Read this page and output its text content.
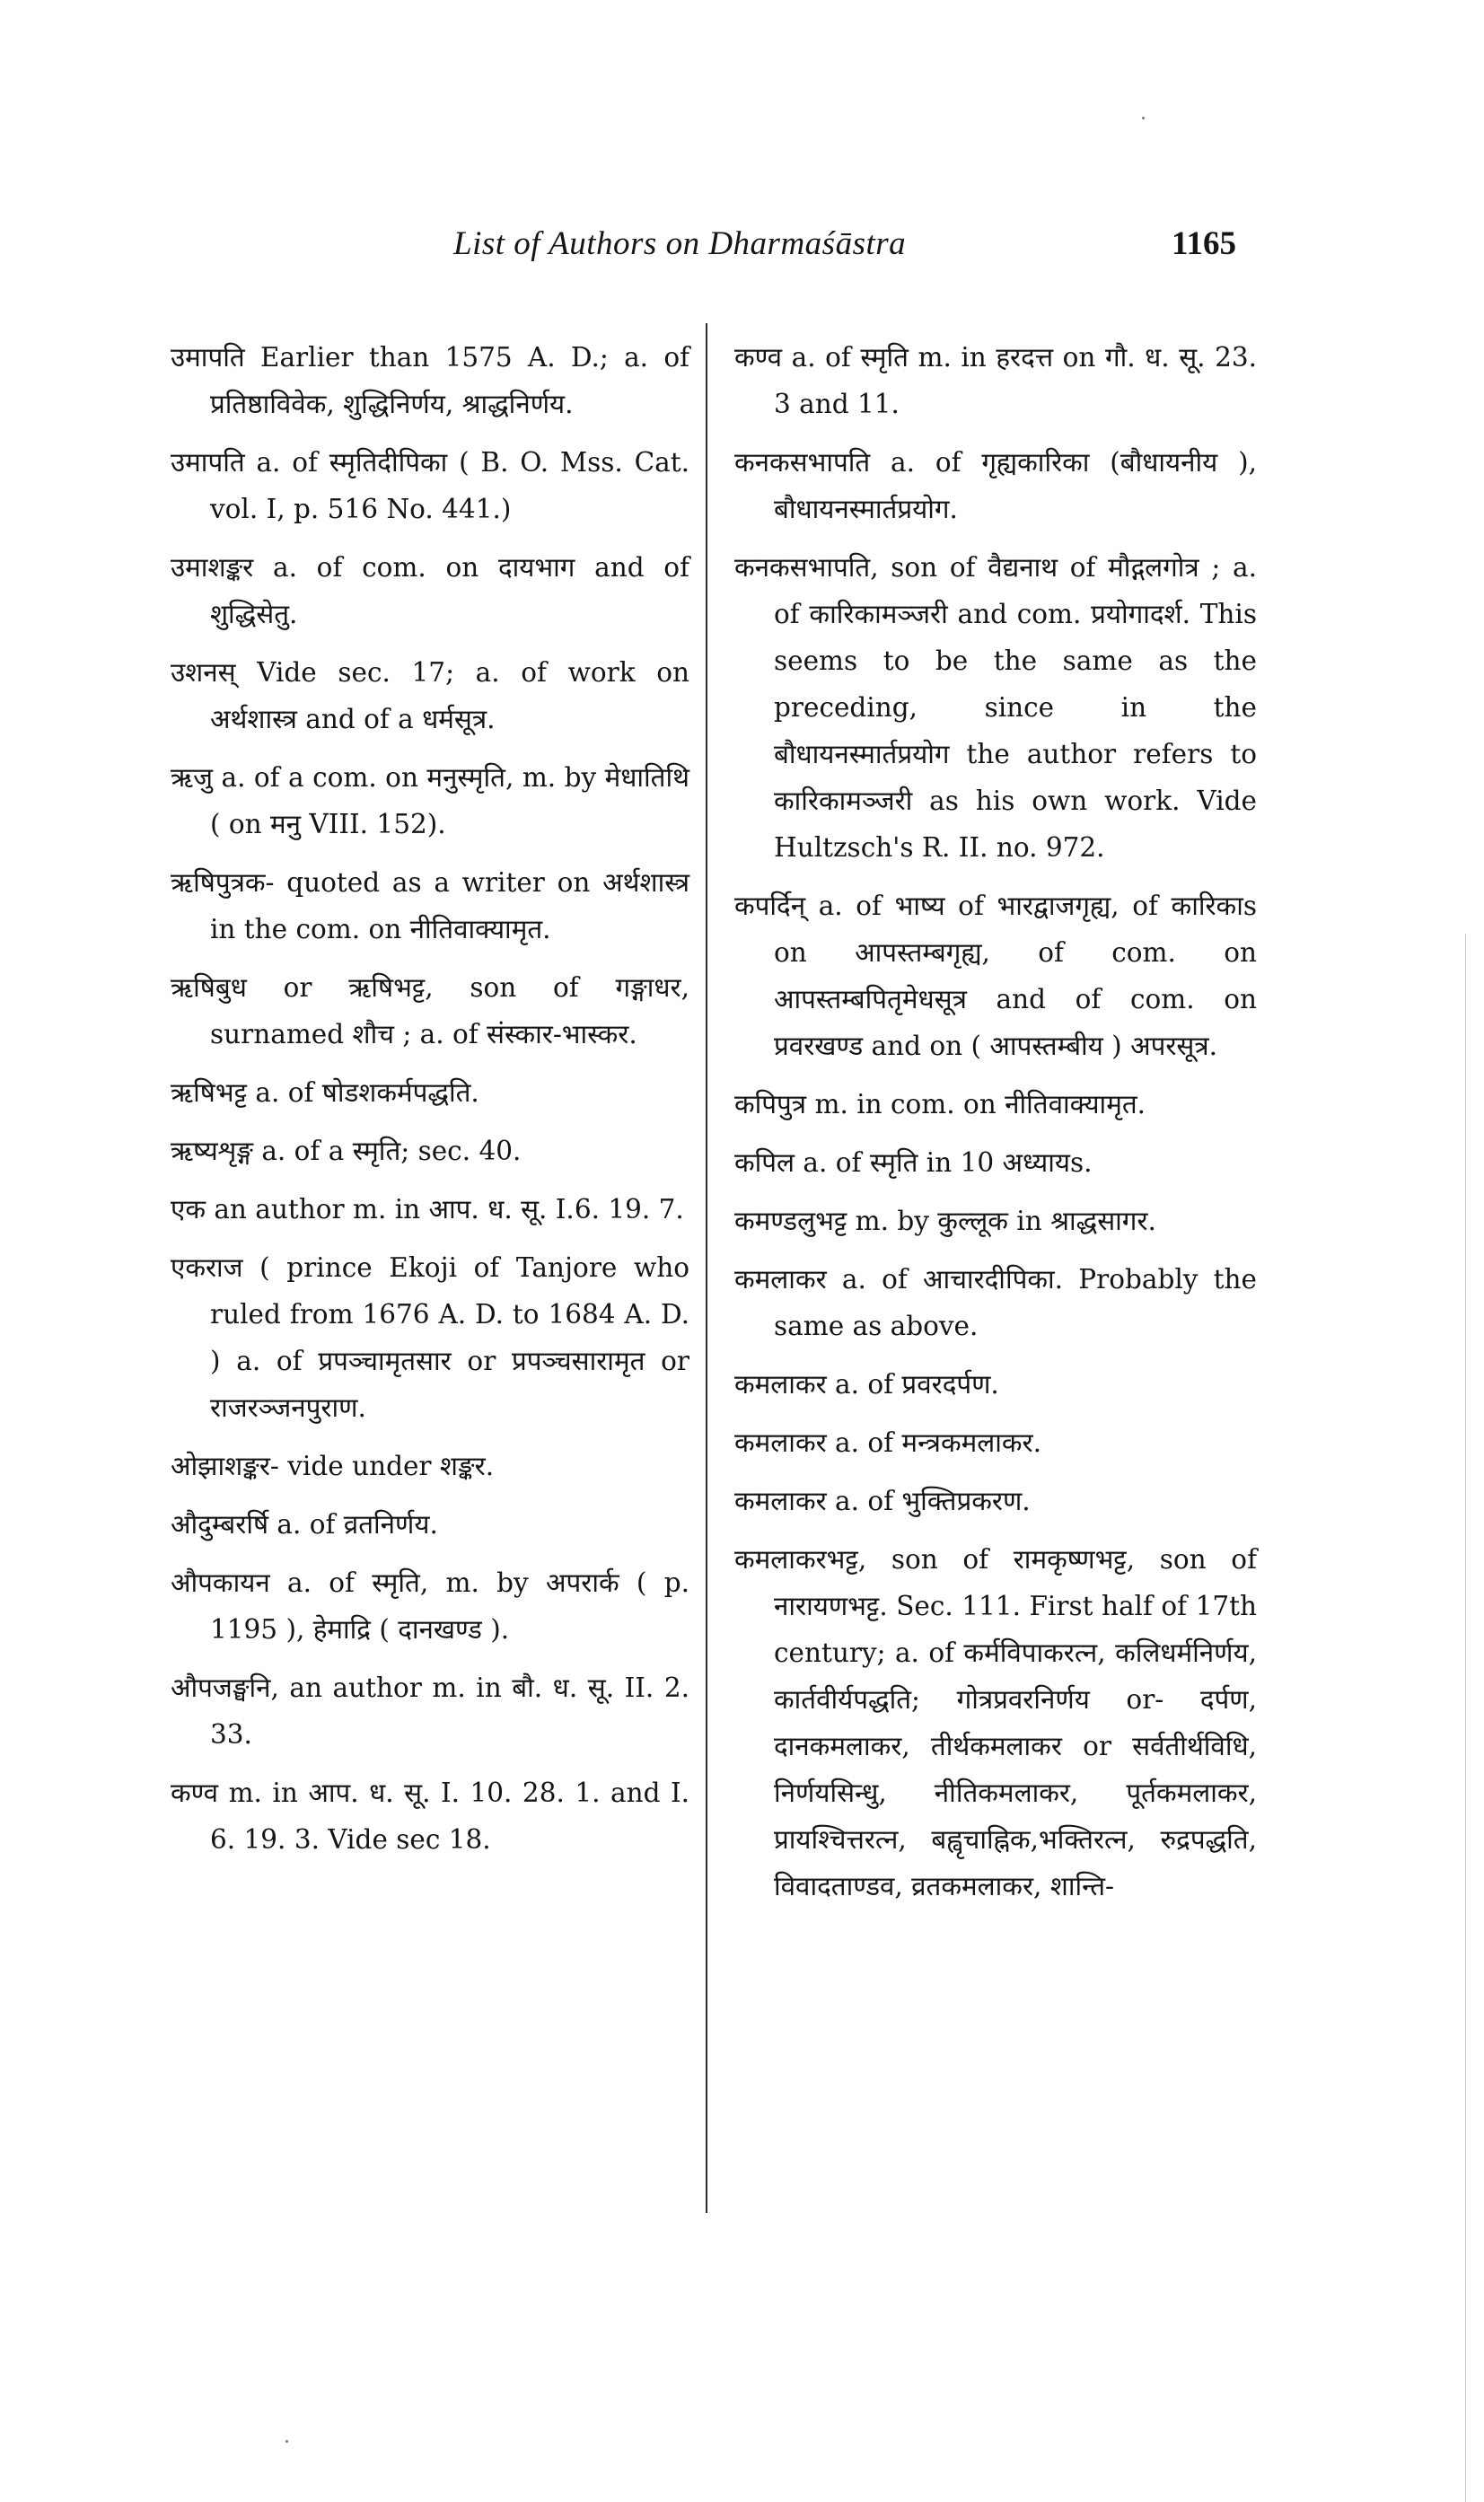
List of Authors on Dharmaśāstra	1165

उमापति Earlier than 1575 A. D.; a. of प्रतिष्ठाविवेक, शुद्धिनिर्णय, श्राद्धनिर्णय.

उमापति a. of स्मृतिदीपिका ( B. O. Mss. Cat. vol. I, p. 516 No. 441.)

उमाशङ्कर a. of com. on दायभाग and of शुद्धिसेतु.

उशनस् Vide sec. 17; a. of work on अर्थशास्त्र and of a धर्मसूत्र.

ऋजु a. of a com. on मनुस्मृति, m. by मेधातिथि ( on मनु VIII. 152).

ऋषिपुत्रक- quoted as a writer on अर्थशास्त्र in the com. on नीतिवाक्यामृत.

ऋषिबुध or ऋषिभट्ट, son of गङ्गाधर, surnamed शौच ; a. of संस्कार-भास्कर.

ऋषिभट्ट a. of षोडशकर्मपद्धति.

ऋष्यशृङ्ग a. of a स्मृति; sec. 40.

एक an author m. in आप. ध. सू. I.6. 19. 7.

एकराज ( prince Ekoji of Tanjore who ruled from 1676 A. D. to 1684 A. D. ) a. of प्रपञ्चामृतसार or प्रपञ्चसारामृत or राजरञ्जनपुराण.

ओझाशङ्कर- vide under शङ्कर.

औदुम्बरर्षि a. of व्रतनिर्णय.

औपकायन a. of स्मृति, m. by अपरार्क ( p. 1195 ), हेमाद्रि ( दानखण्ड ).

औपजङ्घनि, an author m. in बौ. ध. सू. II. 2. 33.

कण्व m. in आप. ध. सू. I. 10. 28. 1. and I. 6. 19. 3. Vide sec 18.

कण्व a. of स्मृति m. in हरदत्त on गौ. ध. सू. 23. 3 and 11.

कनकसभापति a. of गृह्यकारिका (बौधायनीय ), बौधायनस्मार्तप्रयोग.

कनकसभापति, son of वैद्यनाथ of मौद्गलगोत्र ; a. of कारिकामञ्जरी and com. प्रयोगादर्श. This seems to be the same as the preceding, since in the बौधायनस्मार्तप्रयोग the author refers to कारिकामञ्जरी as his own work. Vide Hultzsch's R. II. no. 972.

कपर्दिन् a. of भाष्य of भारद्वाजगृह्य, of कारिकाs on आपस्तम्बगृह्य, of com. on आपस्तम्बपितृमेधसूत्र and of com. on प्रवरखण्ड and on ( आपस्तम्बीय ) अपरसूत्र.

कपिपुत्र m. in com. on नीतिवाक्यामृत.

कपिल a. of स्मृति in 10 अध्यायs.

कमण्डलुभट्ट m. by कुल्लूक in श्राद्धसागर.

कमलाकर a. of आचारदीपिका. Probably the same as above.

कमलाकर a. of प्रवरदर्पण.

कमलाकर a. of मन्त्रकमलाकर.

कमलाकर a. of भुक्तिप्रकरण.

कमलाकरभट्ट, son of रामकृष्णभट्ट, son of नारायणभट्ट. Sec. 111. First half of 17th century; a. of कर्मविपाकरत्न, कलिधर्मनिर्णय, कार्तवीर्यपद्धति; गोत्रप्रवरनिर्णय or- दर्पण, दानकमलाकर, तीर्थकमलाकर or सर्वतीर्थविधि, निर्णयसिन्धु, नीतिकमलाकर, पूर्तकमलाकर, प्रायश्चित्तरत्न, बह्वृचाह्निक,भक्तिरत्न, रुद्रपद्धति, विवादताण्डव, व्रतकमलाकर, शान्ति-
